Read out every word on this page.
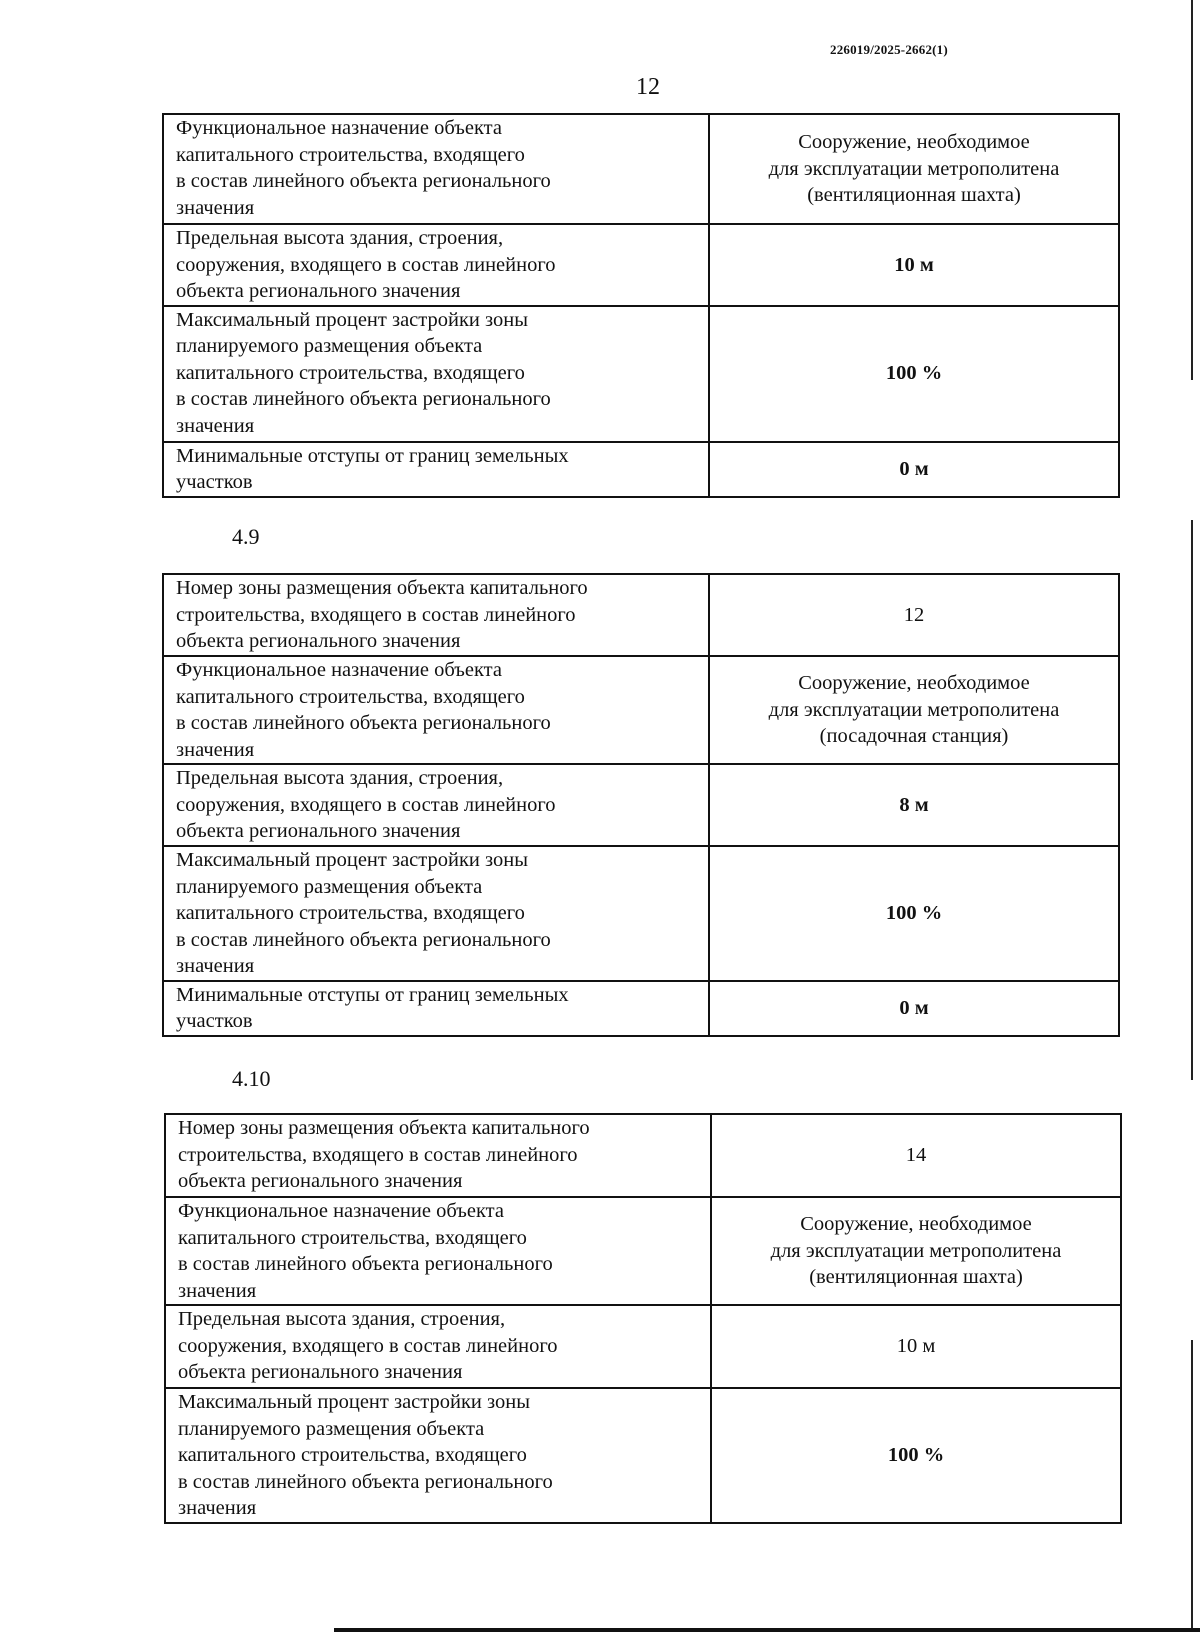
226019/2025-2662(1)
12
Функциональное назначение объекта
капитального строительства, входящего
в состав линейного объекта регионального
значения	Сооружение, необходимое
для эксплуатации метрополитена
(вентиляционная шахта)

Предельная высота здания, строения,
сооружения, входящего в состав линейного
объекта регионального значения	10 м

Максимальный процент застройки зоны
планируемого размещения объекта
капитального строительства, входящего
в состав линейного объекта регионального
значения	100 %

Минимальные отступы от границ земельных
участков	0 м
4.9
Номер зоны размещения объекта капитального
строительства, входящего в состав линейного
объекта регионального значения	12

Функциональное назначение объекта
капитального строительства, входящего
в состав линейного объекта регионального
значения	Сооружение, необходимое
для эксплуатации метрополитена
(посадочная станция)

Предельная высота здания, строения,
сооружения, входящего в состав линейного
объекта регионального значения	8 м

Максимальный процент застройки зоны
планируемого размещения объекта
капитального строительства, входящего
в состав линейного объекта регионального
значения	100 %

Минимальные отступы от границ земельных
участков	0 м
4.10
Номер зоны размещения объекта капитального
строительства, входящего в состав линейного
объекта регионального значения	14

Функциональное назначение объекта
капитального строительства, входящего
в состав линейного объекта регионального
значения	Сооружение, необходимое
для эксплуатации метрополитена
(вентиляционная шахта)

Предельная высота здания, строения,
сооружения, входящего в состав линейного
объекта регионального значения	10 м

Максимальный процент застройки зоны
планируемого размещения объекта
капитального строительства, входящего
в состав линейного объекта регионального
значения	100 %
